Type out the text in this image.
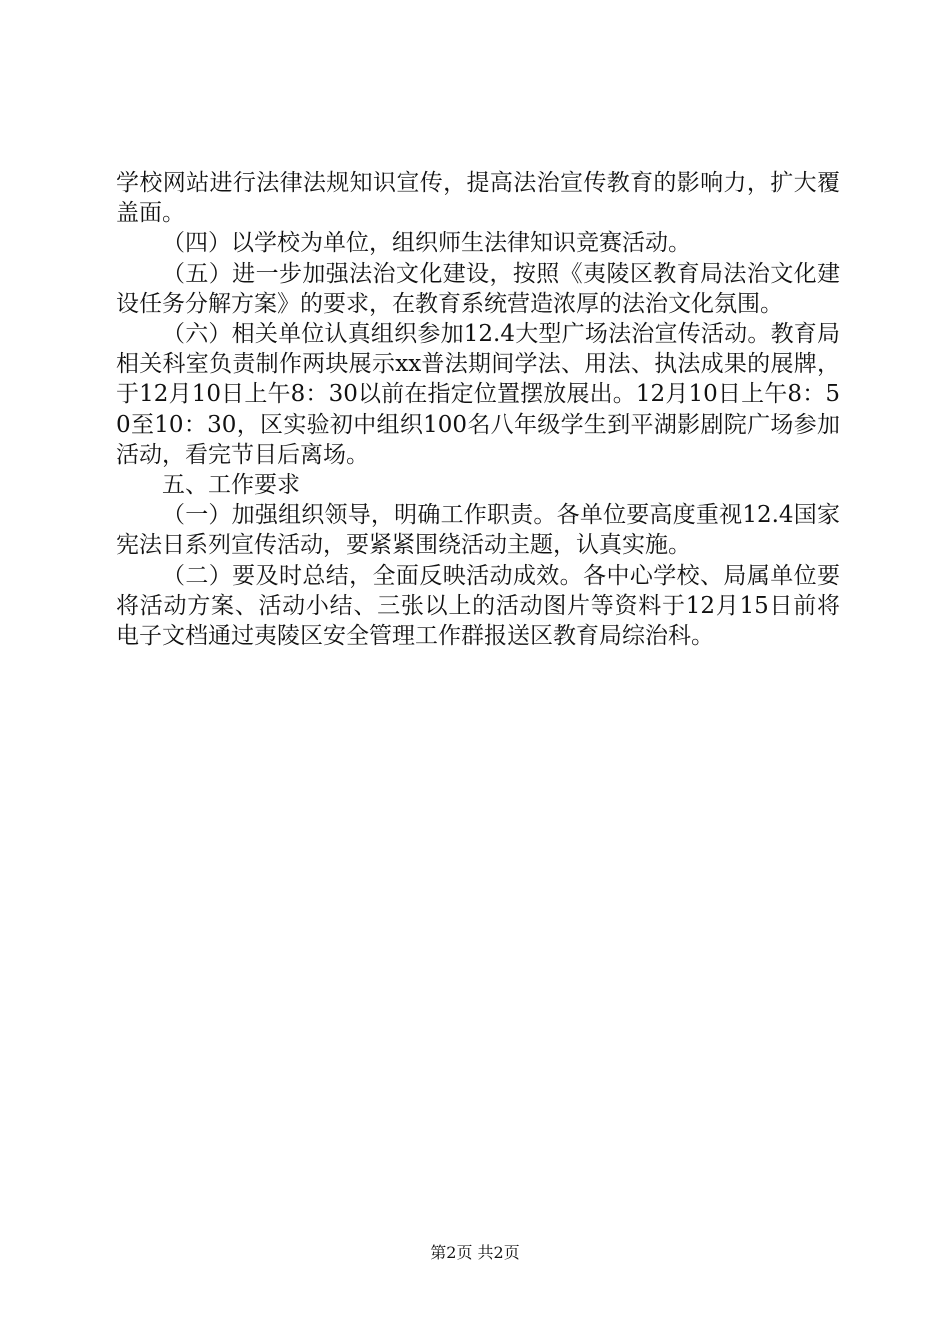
学校网站进行法律法规知识宣传，提高法治宣传教育的影响力，扩大覆盖面。

（四）以学校为单位，组织师生法律知识竞赛活动。

（五）进一步加强法治文化建设，按照《夷陵区教育局法治文化建设任务分解方案》的要求，在教育系统营造浓厚的法治文化氛围。

（六）相关单位认真组织参加12.4大型广场法治宣传活动。教育局相关科室负责制作两块展示xx普法期间学法、用法、执法成果的展牌，于12月10日上午8：30以前在指定位置摆放展出。12月10日上午8：50至10：30，区实验初中组织100名八年级学生到平湖影剧院广场参加活动，看完节目后离场。

五、工作要求

（一）加强组织领导，明确工作职责。各单位要高度重视12.4国家宪法日系列宣传活动，要紧紧围绕活动主题，认真实施。

（二）要及时总结，全面反映活动成效。各中心学校、局属单位要将活动方案、活动小结、三张以上的活动图片等资料于12月15日前将电子文档通过夷陵区安全管理工作群报送区教育局综治科。

第2页 共2页
